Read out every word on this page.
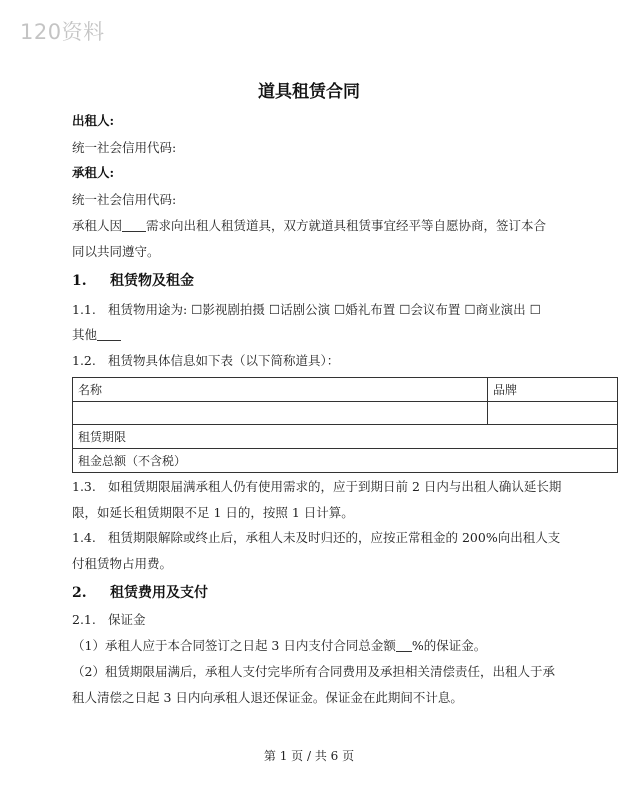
120资料
道具租赁合同
出租人:
统一社会信用代码:
承租人:
统一社会信用代码:
承租人因 需求向出租人租赁道具，双方就道具租赁事宜经平等自愿协商，签订本合
同以共同遵守。
1. 租赁物及租金
1.1. 租赁物用途为: ☐影视剧拍摄 ☐话剧公演 ☐婚礼布置 ☐会议布置 ☐商业演出 ☐
其他
1.2. 租赁物具体信息如下表（以下简称道具）：
名称	品牌

租赁期限	
租金总额（不含税）	
1.3. 如租赁期限届满承租人仍有使用需求的，应于到期日前 2 日内与出租人确认延长期
限，如延长租赁期限不足 1 日的，按照 1 日计算。
1.4. 租赁期限解除或终止后，承租人未及时归还的，应按正常租金的 200%向出租人支
付租赁物占用费。
2. 租赁费用及支付
2.1. 保证金
（1）承租人应于本合同签订之日起 3 日内支付合同总金额 %的保证金。
（2）租赁期限届满后，承租人支付完毕所有合同费用及承担相关清偿责任，出租人于承
租人清偿之日起 3 日内向承租人退还保证金。保证金在此期间不计息。
第 1 页 / 共 6 页
